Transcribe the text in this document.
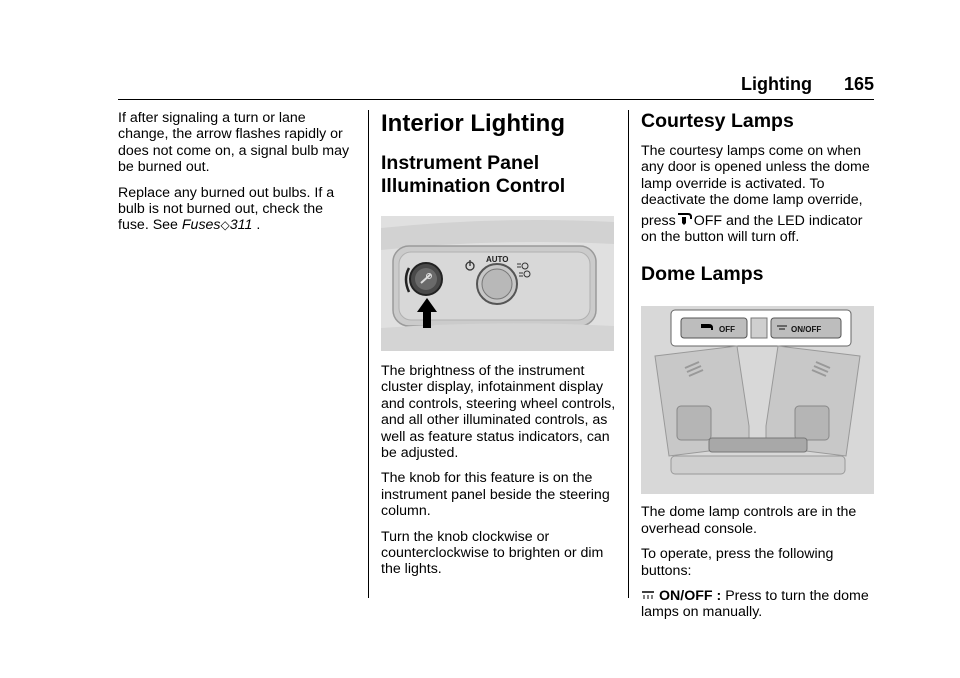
Lighting 165

If after signaling a turn or lane change, the arrow flashes rapidly or does not come on, a signal bulb may be burned out.

Replace any burned out bulbs. If a bulb is not burned out, check the fuse. See Fuses◇311 .

Interior Lighting
Instrument Panel Illumination Control
AUTO

The brightness of the instrument cluster display, infotainment display and controls, steering wheel controls, and all other illuminated controls, as well as feature status indicators, can be adjusted.

The knob for this feature is on the instrument panel beside the steering column.

Turn the knob clockwise or counterclockwise to brighten or dim the lights.

Courtesy Lamps

The courtesy lamps come on when any door is opened unless the dome lamp override is activated. To deactivate the dome lamp override, press OFF and the LED indicator on the button will turn off.

Dome Lamps
OFF	ON/OFF

The dome lamp controls are in the overhead console.

To operate, press the following buttons:

ON/OFF : Press to turn the dome lamps on manually.
